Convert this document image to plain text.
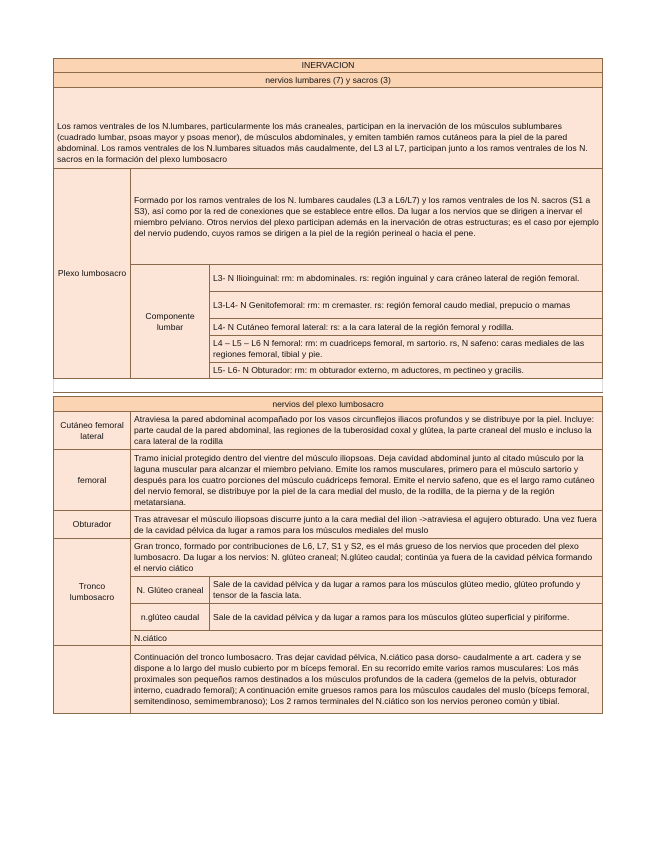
INERVACION		
nervios lumbares (7) y sacros (3)		
Los ramos ventrales de los N.lumbares, particularmente los más craneales, participan en la inervación de los músculos sublumbares (cuadrado lumbar, psoas mayor y psoas menor), de músculos abdominales, y emiten también ramos cutáneos para la piel de la pared abdominal. Los ramos ventrales de los N.lumbares situados más caudalmente, del L3 al L7, participan junto a los ramos ventrales de los N. sacros en la formación del plexo lumbosacro		
Plexo lumbosacro	Formado por los ramos ventrales de los N. lumbares caudales (L3 a L6/L7) y los ramos ventrales de los N. sacros (S1 a S3), así como por la red de conexiones que se establece entre ellos. Da lugar a los nervios que se dirigen a inervar el miembro pelviano. Otros nervios del plexo participan además en la inervación de otras estructuras; es el caso por ejemplo del nervio pudendo, cuyos ramos se dirigen a la piel de la región perineal o hacia el pene.	
	Componente lumbar	L3- N Ilioinguinal: rm: m abdominales. rs: región inguinal y cara cráneo lateral de región femoral.
		L3-L4- N Genitofemoral: rm: m cremaster. rs: región femoral caudo medial, prepucio o mamas
		L4- N Cutáneo femoral lateral: rs: a la cara lateral de la región femoral y rodilla.
		L4 – L5 – L6 N femoral: rm: m cuadriceps femoral, m sartorio. rs, N safeno: caras mediales de las regiones femoral, tibial y pie.
		L5- L6- N Obturador: rm: m obturador externo, m aductores, m pectineo y gracilis.

nervios del plexo lumbosacro		
Cutáneo femoral lateral	Atraviesa la pared abdominal acompañado por los vasos circunflejos iliacos profundos y se distribuye por la piel. Incluye: parte caudal de la pared abdominal, las regiones de la tuberosidad coxal y glútea, la parte craneal del muslo e incluso la cara lateral de la rodilla	
femoral	Tramo inicial protegido dentro del vientre del músculo iliopsoas. Deja cavidad abdominal junto al citado músculo por la laguna muscular para alcanzar el miembro pelviano. Emite los ramos musculares, primero para el músculo sartorio y después para los cuatro porciones del músculo cuádriceps femoral. Emite el nervio safeno, que es el largo ramo cutáneo del nervio femoral, se distribuye por la piel de la cara medial del muslo, de la rodilla, de la pierna y de la región metatarsiana.	
Obturador	Tras atravesar el músculo iliopsoas discurre junto a la cara medial del ilion ->atraviesa el agujero obturado. Una vez fuera de la cavidad pélvica da lugar a ramos para los músculos mediales del muslo	
Tronco lumbosacro	Gran tronco, formado por contribuciones de L6, L7, S1 y S2, es el más grueso de los nervios que proceden del plexo lumbosacro. Da lugar a los nervios: N. glúteo craneal; N.glúteo caudal; continúa ya fuera de la cavidad pélvica formando el nervio ciático	
	N. Glúteo craneal	Sale de la cavidad pélvica y da lugar a ramos para los músculos glúteo medio, glúteo profundo y tensor de la fascia lata.
	n.glúteo caudal	Sale de la cavidad pélvica y da lugar a ramos para los músculos glúteo superficial y piriforme.
	N.ciático	
	Continuación del tronco lumbosacro. Tras dejar cavidad pélvica, N.ciático pasa dorso- caudalmente a art. cadera y se dispone a lo largo del muslo cubierto por m bíceps femoral. En su recorrido emite varios ramos musculares: Los más proximales son pequeños ramos destinados a los músculos profundos de la cadera (gemelos de la pelvis, obturador interno, cuadrado femoral); A continuación emite gruesos ramos para los músculos caudales del muslo (bíceps femoral, semitendinoso, semimembranoso); Los 2 ramos terminales del N.ciático son los nervios peroneo común y tibial.	
